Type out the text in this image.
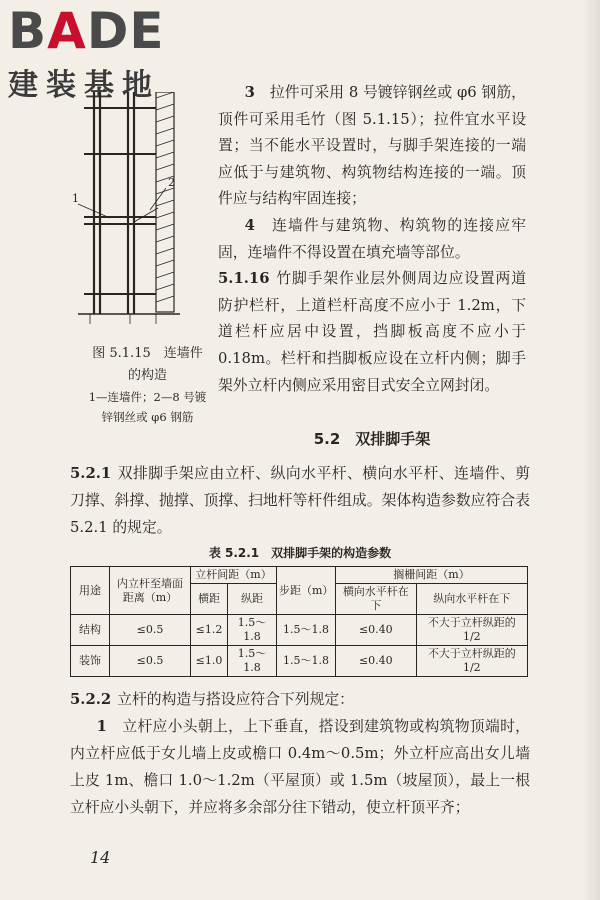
BADE
建装基地
1
2
图 5.1.15　连墙件
的构造
1—连墙件；2—8 号镀
锌钢丝或 φ6 钢筋

3　 拉件可采用 8 号镀锌钢丝或 φ6 钢筋，顶件可采用毛竹（图 5.1.15）；拉件宜水平设置；当不能水平设置时，与脚手架连接的一端应低于与建筑物、构筑物结构连接的一端。顶件应与结构牢固连接；

4　 连墙件与建筑物、构筑物的连接应牢固，连墙件不得设置在填充墙等部位。

5.1.16 竹脚手架作业层外侧周边应设置两道防护栏杆，上道栏杆高度不应小于 1.2m，下道栏杆应居中设置，挡脚板高度不应小于 0.18m。栏杆和挡脚板应设在立杆内侧；脚手架外立杆内侧应采用密目式安全立网封闭。

5.2　双排脚手架

5.2.1 双排脚手架应由立杆、纵向水平杆、横向水平杆、连墙件、剪刀撑、斜撑、抛撑、顶撑、扫地杆等杆件组成。架体构造参数应符合表 5.2.1 的规定。

表 5.2.1　双排脚手架的构造参数
用途	内立杆至墙面距离（m）	立杆间距（m）		步距（m）	搁栅间距（m）	
		横距	纵距		横向水平杆在下	纵向水平杆在下
结构	≤0.5	≤1.2	1.5～1.8	1.5～1.8	≤0.40	不大于立杆纵距的 1/2
装饰	≤0.5	≤1.0	1.5～1.8	1.5～1.8	≤0.40	不大于立杆纵距的 1/2

5.2.2 立杆的构造与搭设应符合下列规定：

1　 立杆应小头朝上，上下垂直，搭设到建筑物或构筑物顶端时，内立杆应低于女儿墙上皮或檐口 0.4m～0.5m；外立杆应高出女儿墙上皮 1m、檐口 1.0～1.2m（平屋顶）或 1.5m（坡屋顶），最上一根立杆应小头朝下，并应将多余部分往下错动，使立杆顶平齐；

14
